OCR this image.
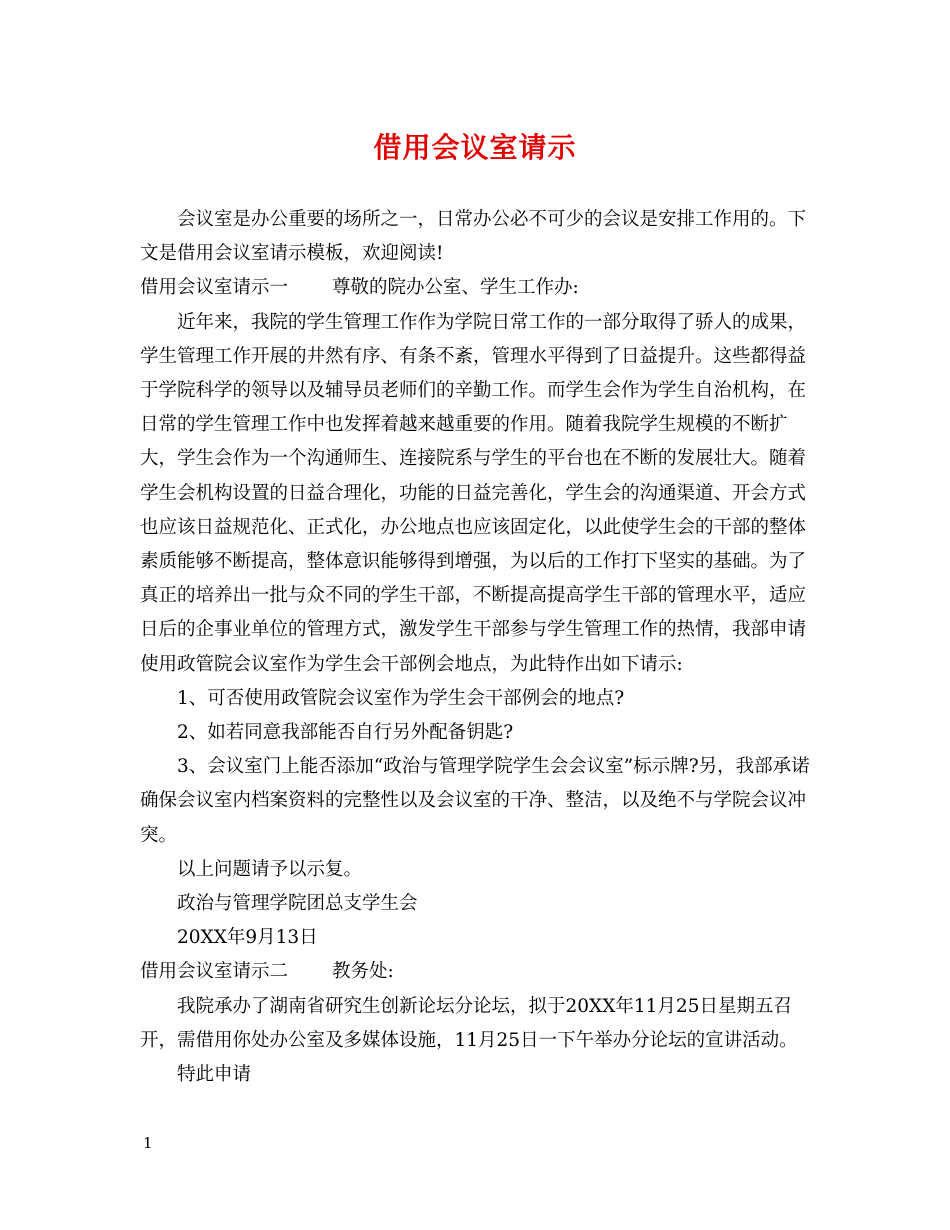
借用会议室请示

会议室是办公重要的场所之一，日常办公必不可少的会议是安排工作用的。下文是借用会议室请示模板，欢迎阅读!

借用会议室请示一 尊敬的院办公室、学生工作办:

近年来，我院的学生管理工作作为学院日常工作的一部分取得了骄人的成果，学生管理工作开展的井然有序、有条不紊，管理水平得到了日益提升。这些都得益于学院科学的领导以及辅导员老师们的辛勤工作。而学生会作为学生自治机构，在日常的学生管理工作中也发挥着越来越重要的作用。随着我院学生规模的不断扩大，学生会作为一个沟通师生、连接院系与学生的平台也在不断的发展壮大。随着学生会机构设置的日益合理化，功能的日益完善化，学生会的沟通渠道、开会方式也应该日益规范化、正式化，办公地点也应该固定化，以此使学生会的干部的整体素质能够不断提高，整体意识能够得到增强，为以后的工作打下坚实的基础。为了真正的培养出一批与众不同的学生干部，不断提高提高学生干部的管理水平，适应日后的企事业单位的管理方式，激发学生干部参与学生管理工作的热情，我部申请使用政管院会议室作为学生会干部例会地点，为此特作出如下请示:

1、可否使用政管院会议室作为学生会干部例会的地点?

2、如若同意我部能否自行另外配备钥匙?

3、会议室门上能否添加“政治与管理学院学生会会议室”标示牌?另，我部承诺确保会议室内档案资料的完整性以及会议室的干净、整洁，以及绝不与学院会议冲突。

以上问题请予以示复。

政治与管理学院团总支学生会

20XX年9月13日

借用会议室请示二 教务处:

我院承办了湖南省研究生创新论坛分论坛，拟于20XX年11月25日星期五召开，需借用你处办公室及多媒体设施，11月25日一下午举办分论坛的宣讲活动。

特此申请

1
